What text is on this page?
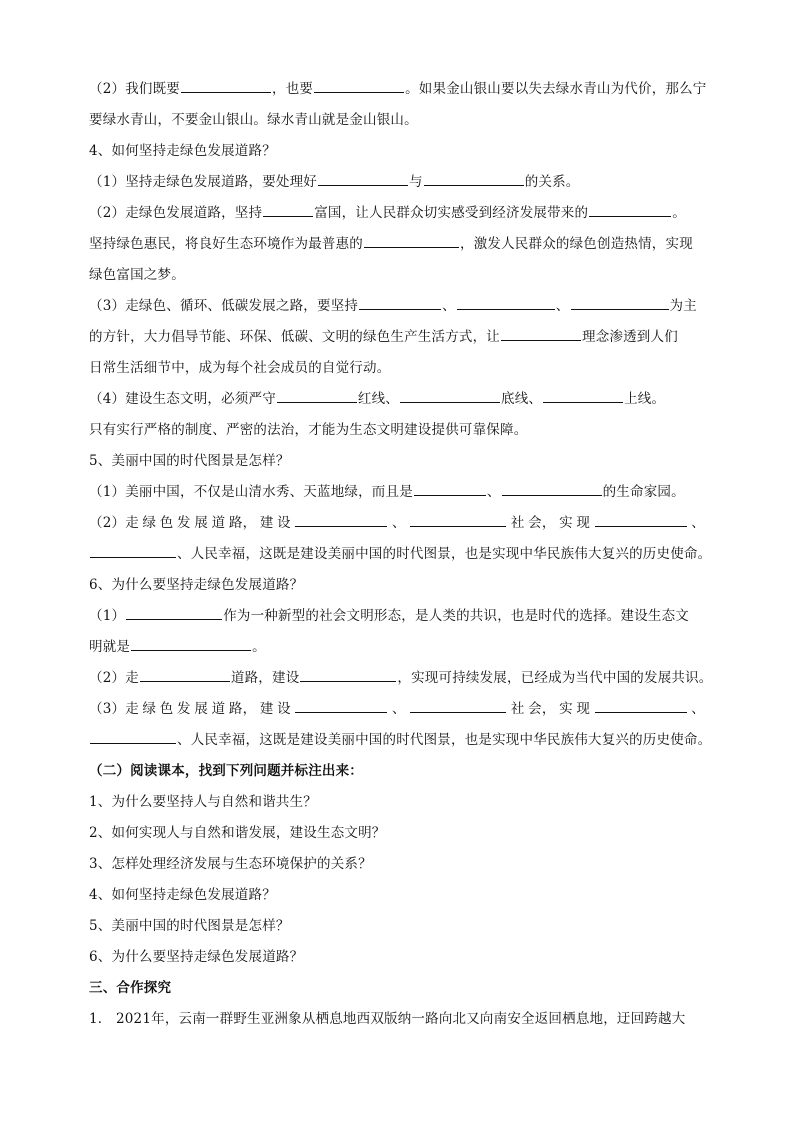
（2）我们既要	，也要	。如果金山银山要以失去绿水青山为代价，那么宁
要绿水青山，不要金山银山。绿水青山就是金山银山。
4、如何坚持走绿色发展道路？
（1）坚持走绿色发展道路，要处理好	与	的关系。
（2）走绿色发展道路，坚持	富国，让人民群众切实感受到经济发展带来的	。
坚持绿色惠民，将良好生态环境作为最普惠的	，激发人民群众的绿色创造热情，实现
绿色富国之梦。
（3）走绿色、循环、低碳发展之路，要坚持	、	、	为主
的方针，大力倡导节能、环保、低碳、文明的绿色生产生活方式，让	理念渗透到人们
日常生活细节中，成为每个社会成员的自觉行动。
（4）建设生态文明，必须严守	红线、	底线、	上线。
只有实行严格的制度、严密的法治，才能为生态文明建设提供可靠保障。
5、美丽中国的时代图景是怎样？
（1）美丽中国，不仅是山清水秀、天蓝地绿，而且是	、	的生命家园。
（2）走 绿 色 发 展 道 路， 建 设	、	社 会， 实 现	、
、人民幸福，这既是建设美丽中国的时代图景，也是实现中华民族伟大复兴的历史使命。
6、为什么要坚持走绿色发展道路？
（1）	作为一种新型的社会文明形态，是人类的共识，也是时代的选择。建设生态文
明就是	。
（2）走	道路，建设	，实现可持续发展，已经成为当代中国的发展共识。
（3）走 绿 色 发 展 道 路， 建 设	、	社 会， 实 现	、
、人民幸福，这既是建设美丽中国的时代图景，也是实现中华民族伟大复兴的历史使命。
（二）阅读课本，找到下列问题并标注出来：
1、为什么要坚持人与自然和谐共生？
2、如何实现人与自然和谐发展，建设生态文明？
3、怎样处理经济发展与生态环境保护的关系？
4、如何坚持走绿色发展道路？
5、美丽中国的时代图景是怎样？
6、为什么要坚持走绿色发展道路？
三、合作探究
1． 2021年，云南一群野生亚洲象从栖息地西双版纳一路向北又向南安全返回栖息地，迂回跨越大
